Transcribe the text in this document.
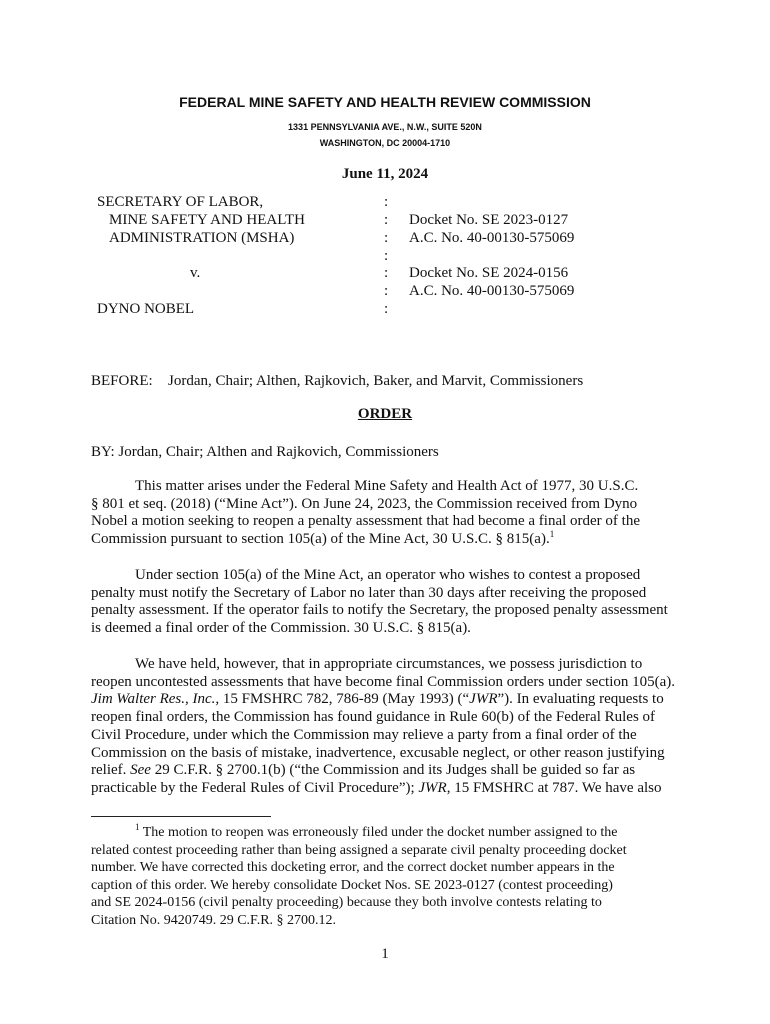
FEDERAL MINE SAFETY AND HEALTH REVIEW COMMISSION
1331 PENNSYLVANIA AVE., N.W., SUITE 520N
WASHINGTON, DC 20004-1710
June 11, 2024
SECRETARY OF LABOR,
MINE SAFETY AND HEALTH
ADMINISTRATION (MSHA)
v.
DYNO NOBEL
:
:
:
:
:
:
:
Docket No. SE 2023-0127
A.C. No. 40-00130-575069
Docket No. SE 2024-0156
A.C. No. 40-00130-575069
BEFORE: Jordan, Chair; Althen, Rajkovich, Baker, and Marvit, Commissioners
ORDER
BY: Jordan, Chair; Althen and Rajkovich, Commissioners
This matter arises under the Federal Mine Safety and Health Act of 1977, 30 U.S.C.
§ 801 et seq. (2018) (“Mine Act”). On June 24, 2023, the Commission received from Dyno
Nobel a motion seeking to reopen a penalty assessment that had become a final order of the
Commission pursuant to section 105(a) of the Mine Act, 30 U.S.C. § 815(a).$^1$
Under section 105(a) of the Mine Act, an operator who wishes to contest a proposed
penalty must notify the Secretary of Labor no later than 30 days after receiving the proposed
penalty assessment. If the operator fails to notify the Secretary, the proposed penalty assessment
is deemed a final order of the Commission. 30 U.S.C. § 815(a).
We have held, however, that in appropriate circumstances, we possess jurisdiction to
reopen uncontested assessments that have become final Commission orders under section 105(a).
Jim Walter Res., Inc., 15 FMSHRC 782, 786-89 (May 1993) (“JWR”). In evaluating requests to
reopen final orders, the Commission has found guidance in Rule 60(b) of the Federal Rules of
Civil Procedure, under which the Commission may relieve a party from a final order of the
Commission on the basis of mistake, inadvertence, excusable neglect, or other reason justifying
relief. See 29 C.F.R. § 2700.1(b) (“the Commission and its Judges shall be guided so far as
practicable by the Federal Rules of Civil Procedure”); JWR, 15 FMSHRC at 787. We have also
$^1$ The motion to reopen was erroneously filed under the docket number assigned to the
related contest proceeding rather than being assigned a separate civil penalty proceeding docket
number. We have corrected this docketing error, and the correct docket number appears in the
caption of this order. We hereby consolidate Docket Nos. SE 2023-0127 (contest proceeding)
and SE 2024-0156 (civil penalty proceeding) because they both involve contests relating to
Citation No. 9420749. 29 C.F.R. § 2700.12.
1
